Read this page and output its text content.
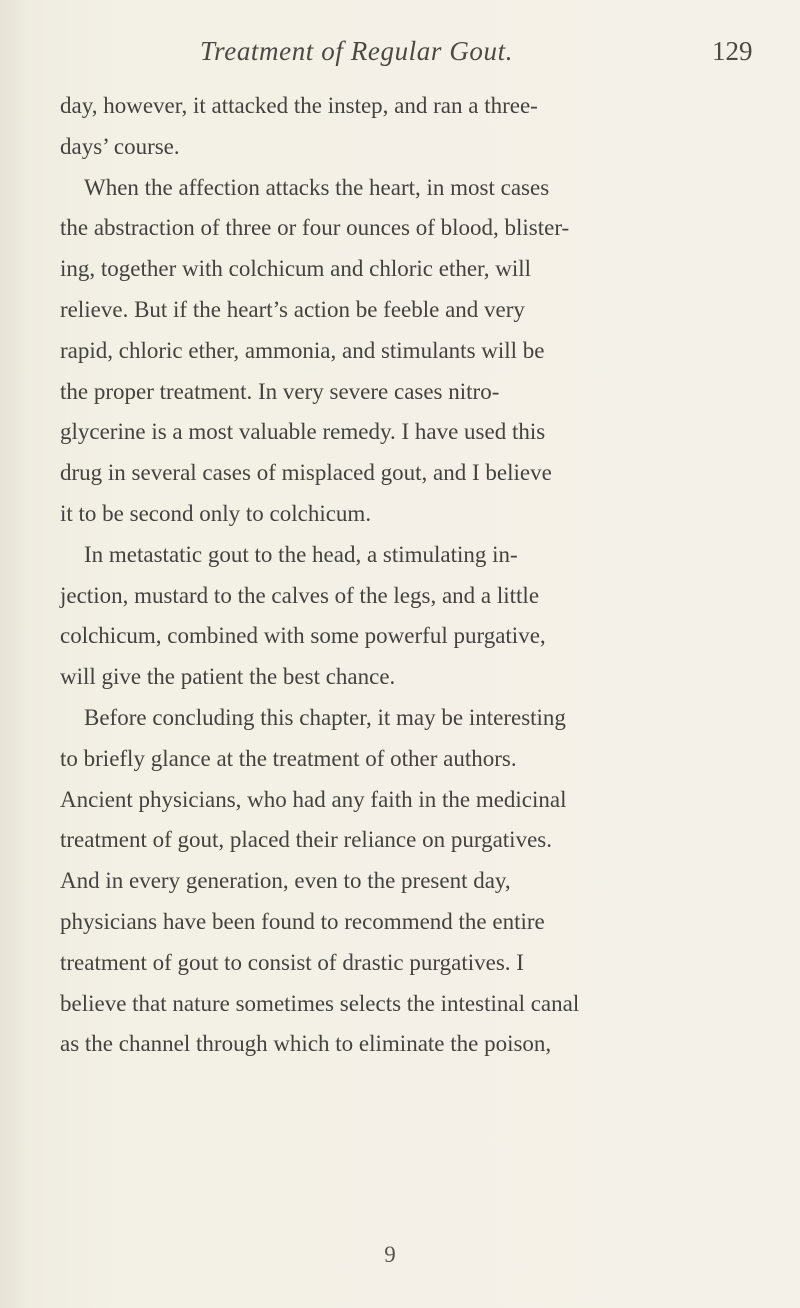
Treatment of Regular Gout.	129
day, however, it attacked the instep, and ran a three-
days’ course.
When the affection attacks the heart, in most cases
the abstraction of three or four ounces of blood, blister-
ing, together with colchicum and chloric ether, will
relieve. But if the heart’s action be feeble and very
rapid, chloric ether, ammonia, and stimulants will be
the proper treatment. In very severe cases nitro-
glycerine is a most valuable remedy. I have used this
drug in several cases of misplaced gout, and I believe
it to be second only to colchicum.
In metastatic gout to the head, a stimulating in-
jection, mustard to the calves of the legs, and a little
colchicum, combined with some powerful purgative,
will give the patient the best chance.
Before concluding this chapter, it may be interesting
to briefly glance at the treatment of other authors.
Ancient physicians, who had any faith in the medicinal
treatment of gout, placed their reliance on purgatives.
And in every generation, even to the present day,
physicians have been found to recommend the entire
treatment of gout to consist of drastic purgatives. I
believe that nature sometimes selects the intestinal canal
as the channel through which to eliminate the poison,
9
